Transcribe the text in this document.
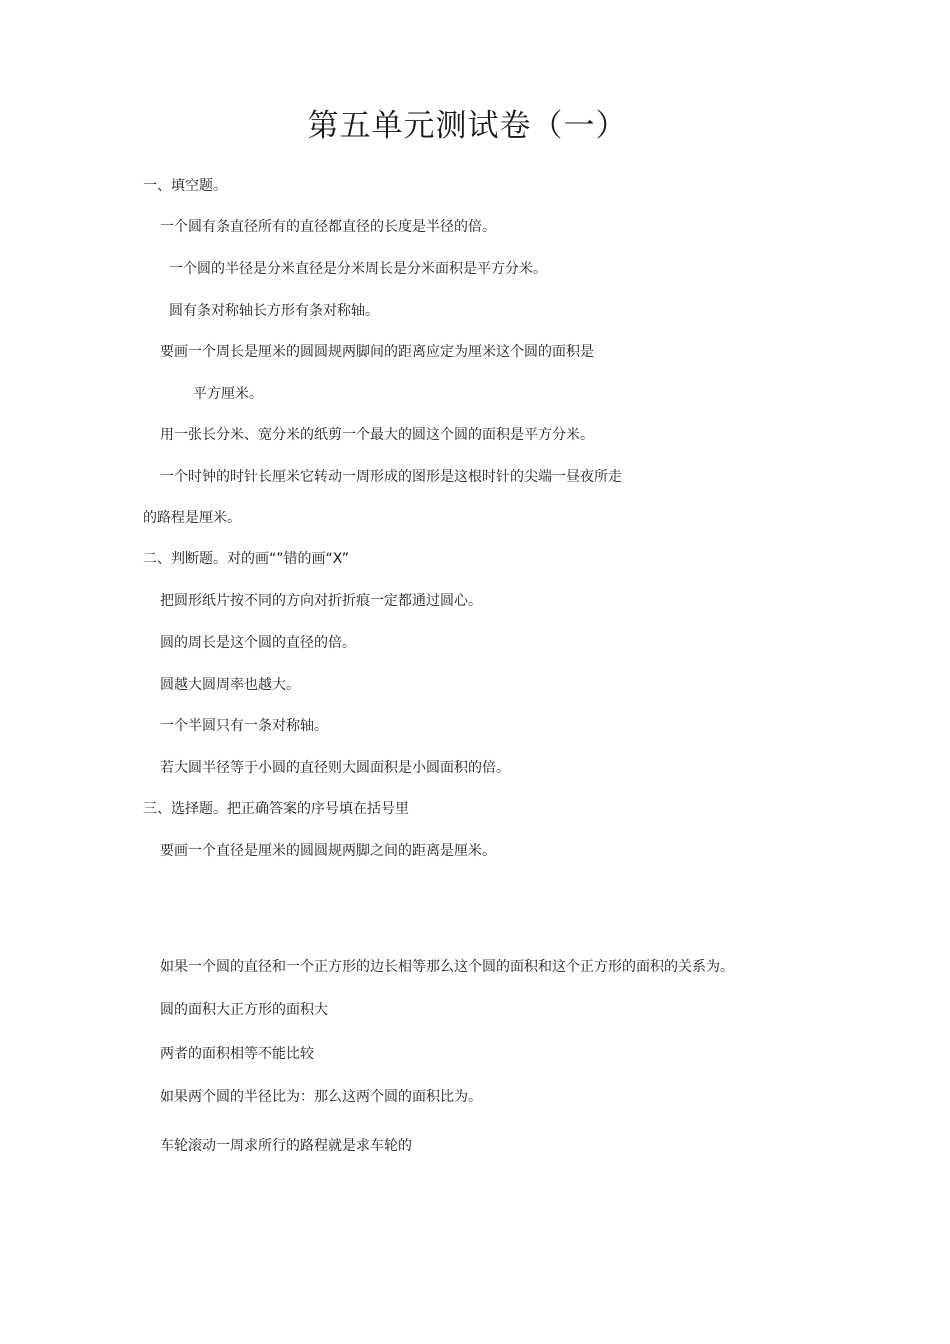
第五单元测试卷（一）
一、填空题。
一个圆有条直径所有的直径都直径的长度是半径的倍。
一个圆的半径是分米直径是分米周长是分米面积是平方分米。
圆有条对称轴长方形有条对称轴。
要画一个周长是厘米的圆圆规两脚间的距离应定为厘米这个圆的面积是
平方厘米。
用一张长分米、宽分米的纸剪一个最大的圆这个圆的面积是平方分米。
一个时钟的时针长厘米它转动一周形成的图形是这根时针的尖端一昼夜所走
的路程是厘米。
二、判断题。对的画“”错的画“X”
把圆形纸片按不同的方向对折折痕一定都通过圆心。
圆的周长是这个圆的直径的倍。
圆越大圆周率也越大。
一个半圆只有一条对称轴。
若大圆半径等于小圆的直径则大圆面积是小圆面积的倍。
三、选择题。把正确答案的序号填在括号里
要画一个直径是厘米的圆圆规两脚之间的距离是厘米。
如果一个圆的直径和一个正方形的边长相等那么这个圆的面积和这个正方形的面积的关系为。
圆的面积大正方形的面积大
两者的面积相等不能比较
如果两个圆的半径比为：那么这两个圆的面积比为。
车轮滚动一周求所行的路程就是求车轮的
